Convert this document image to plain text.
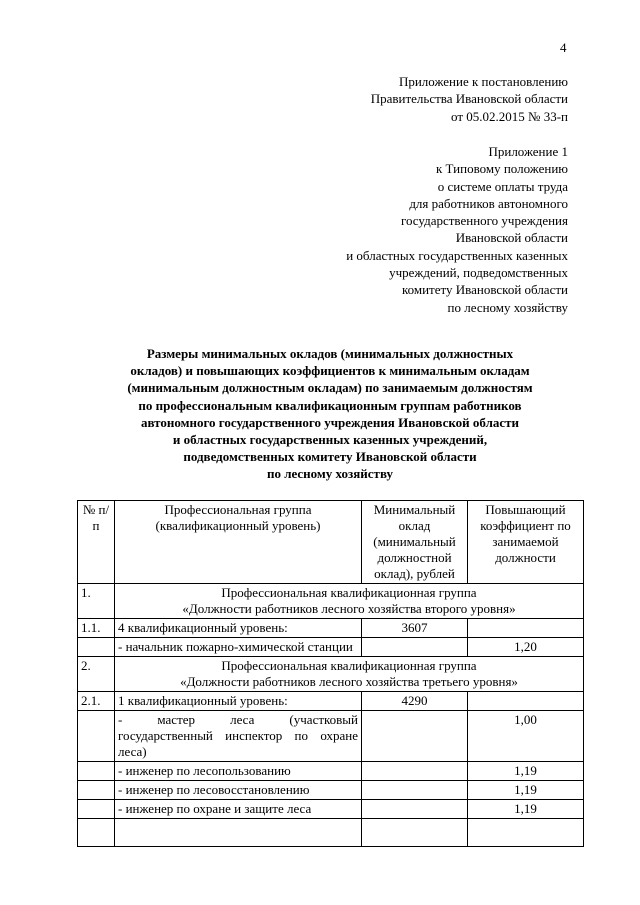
4
Приложение к постановлению
Правительства Ивановской области
от 05.02.2015 № 33-п
Приложение 1
к Типовому положению
о системе оплаты труда
для работников автономного
государственного учреждения
Ивановской области
и областных государственных казенных
учреждений, подведомственных
комитету Ивановской области
по лесному хозяйству
Размеры минимальных окладов (минимальных должностных
окладов) и повышающих коэффициентов к минимальным окладам
(минимальным должностным окладам) по занимаемым должностям
по профессиональным квалификационным группам работников
автономного государственного учреждения Ивановской области
и областных государственных казенных учреждений,
подведомственных комитету Ивановской области
по лесному хозяйству
№ п/п	Профессиональная группа (квалификационный уровень)	Минимальный оклад (минимальный должностной оклад), рублей	Повышающий коэффициент по занимаемой должности
1.	Профессиональная квалификационная группа
«Должности работников лесного хозяйства второго уровня»		
1.1.	4 квалификационный уровень:	3607	
	- начальник пожарно-химической станции		1,20
2.	Профессиональная квалификационная группа
«Должности работников лесного хозяйства третьего уровня»		
2.1.	1 квалификационный уровень:	4290	
	- мастер леса (участковый государственный инспектор по охране леса)		1,00
	- инженер по лесопользованию		1,19
	- инженер по лесовосстановлению		1,19
	- инженер по охране и защите леса		1,19
